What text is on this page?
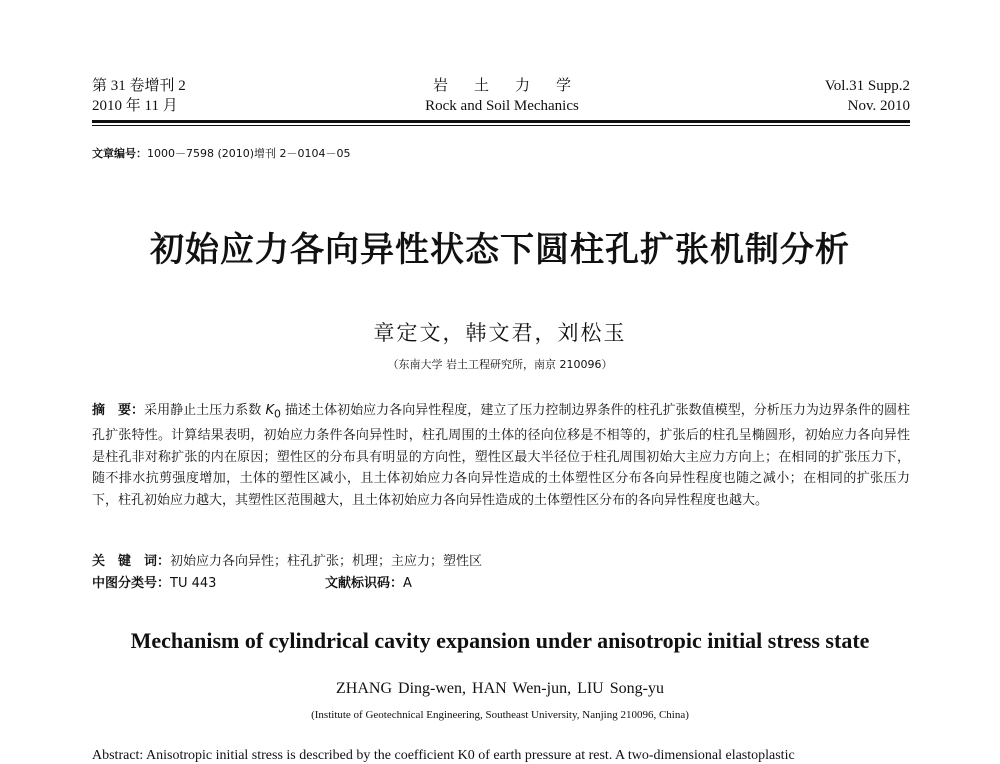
第 31 卷增刊 2
2010 年 11 月
岩土力学
Rock and Soil Mechanics
Vol.31 Supp.2
Nov. 2010
文章编号：1000－7598 (2010)增刊 2－0104－05
初始应力各向异性状态下圆柱孔扩张机制分析
章定文，韩文君，刘松玉
（东南大学 岩土工程研究所，南京 210096）
摘　要：采用静止土压力系数 $K_0$ 描述土体初始应力各向异性程度，建立了压力控制边界条件的柱孔扩张数值模型，分析压力为边界条件的圆柱孔扩张特性。计算结果表明，初始应力条件各向异性时，柱孔周围的土体的径向位移是不相等的，扩张后的柱孔呈椭圆形，初始应力各向异性是柱孔非对称扩张的内在原因；塑性区的分布具有明显的方向性，塑性区最大半径位于柱孔周围初始大主应力方向上；在相同的扩张压力下，随不排水抗剪强度增加，土体的塑性区减小，且土体初始应力各向异性造成的土体塑性区分布各向异性程度也随之减小；在相同的扩张压力下，柱孔初始应力越大，其塑性区范围越大，且土体初始应力各向异性造成的土体塑性区分布的各向异性程度也越大。
关　键　词：初始应力各向异性；柱孔扩张；机理；主应力；塑性区
中图分类号：TU 443	文献标识码：A
Mechanism of cylindrical cavity expansion under anisotropic initial stress state
ZHANG Ding-wen, HAN Wen-jun, LIU Song-yu
(Institute of Geotechnical Engineering, Southeast University, Nanjing 210096, China)
Abstract: Anisotropic initial stress is described by the coefficient K0 of earth pressure at rest. A two-dimensional elastoplastic
